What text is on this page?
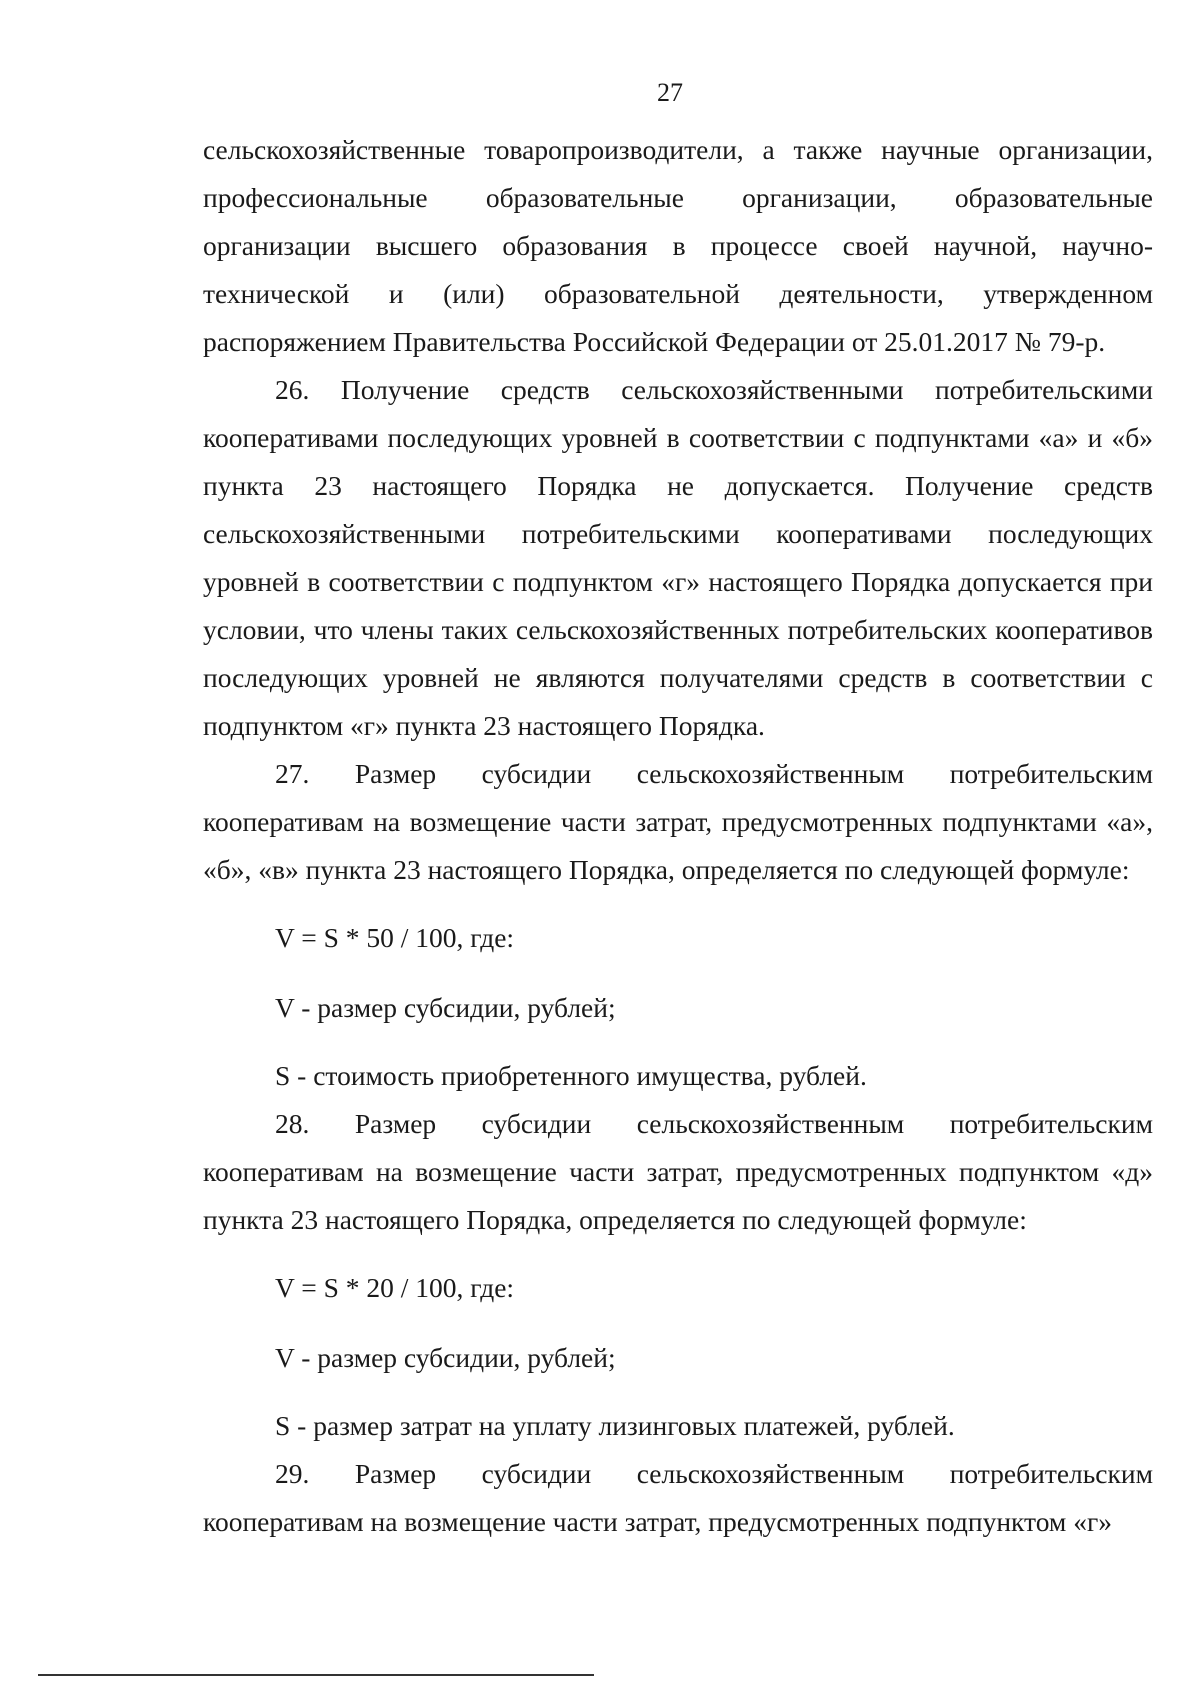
27

сельскохозяйственные товаропроизводители, а также научные организации, профессиональные образовательные организации, образовательные организации высшего образования в процессе своей научной, научно-технической и (или) образовательной деятельности, утвержденном распоряжением Правительства Российской Федерации от 25.01.2017 № 79-р.

26. Получение средств сельскохозяйственными потребительскими кооперативами последующих уровней в соответствии с подпунктами «а» и «б» пункта 23 настоящего Порядка не допускается. Получение средств сельскохозяйственными потребительскими кооперативами последующих уровней в соответствии с подпунктом «г» настоящего Порядка допускается при условии, что члены таких сельскохозяйственных потребительских кооперативов последующих уровней не являются получателями средств в соответствии с подпунктом «г» пункта 23 настоящего Порядка.

27. Размер субсидии сельскохозяйственным потребительским кооперативам на возмещение части затрат, предусмотренных подпунктами «а», «б», «в» пункта 23 настоящего Порядка, определяется по следующей формуле:

V = S * 50 / 100, где:

V - размер субсидии, рублей;

S - стоимость приобретенного имущества, рублей.

28. Размер субсидии сельскохозяйственным потребительским кооперативам на возмещение части затрат, предусмотренных подпунктом «д» пункта 23 настоящего Порядка, определяется по следующей формуле:

V = S * 20 / 100, где:

V - размер субсидии, рублей;

S - размер затрат на уплату лизинговых платежей, рублей.

29. Размер субсидии сельскохозяйственным потребительским кооперативам на возмещение части затрат, предусмотренных подпунктом «г»
